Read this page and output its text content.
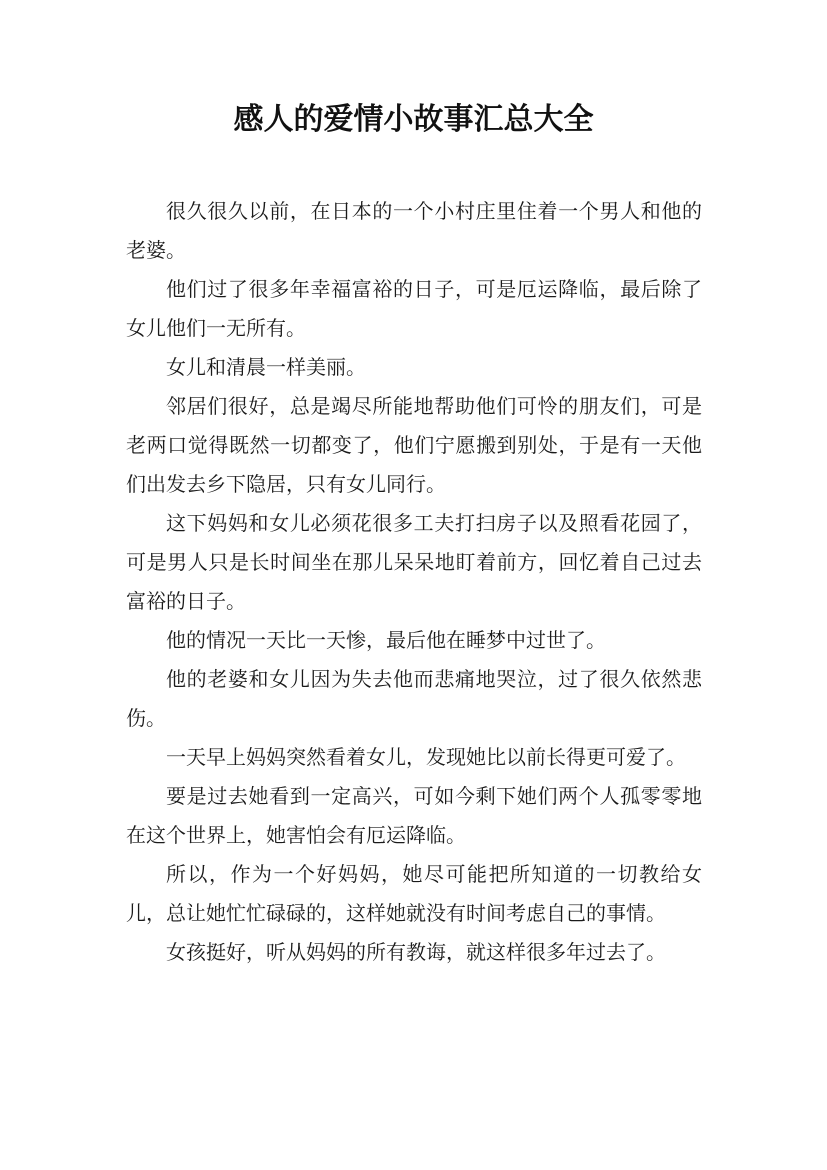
感人的爱情小故事汇总大全

很久很久以前，在日本的一个小村庄里住着一个男人和他的老婆。

他们过了很多年幸福富裕的日子，可是厄运降临，最后除了女儿他们一无所有。

女儿和清晨一样美丽。

邻居们很好，总是竭尽所能地帮助他们可怜的朋友们，可是老两口觉得既然一切都变了，他们宁愿搬到别处，于是有一天他们出发去乡下隐居，只有女儿同行。

这下妈妈和女儿必须花很多工夫打扫房子以及照看花园了，可是男人只是长时间坐在那儿呆呆地盯着前方，回忆着自己过去富裕的日子。

他的情况一天比一天惨，最后他在睡梦中过世了。

他的老婆和女儿因为失去他而悲痛地哭泣，过了很久依然悲伤。

一天早上妈妈突然看着女儿，发现她比以前长得更可爱了。

要是过去她看到一定高兴，可如今剩下她们两个人孤零零地在这个世界上，她害怕会有厄运降临。

所以，作为一个好妈妈，她尽可能把所知道的一切教给女儿，总让她忙忙碌碌的，这样她就没有时间考虑自己的事情。

女孩挺好，听从妈妈的所有教诲，就这样很多年过去了。
